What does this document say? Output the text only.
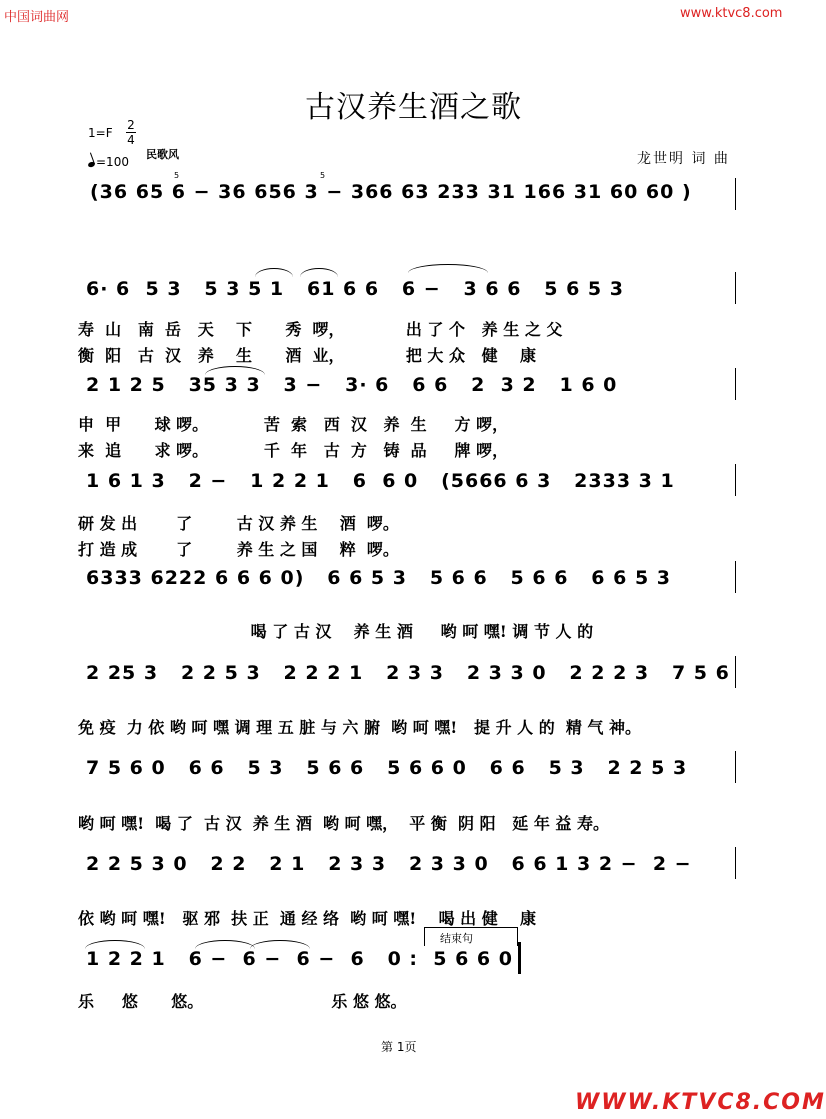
中国词曲网	www.ktvc8.com
古汉养生酒之歌
1=F
2
4
=100
民歌风	龙世明 词 曲
(36 65 6 − 36 656 3 − 366 63 233 31 166 31 60 60 )
5	5
6· 6  5 3   5 3 5 1   61 6 6   6 −   3 6 6   5 6 5 3
寿  山   南  岳   天    下      秀  啰，           出 了 个   养 生 之 父
衡  阳   古  汉   养    生      酒  业，           把 大 众   健    康
2 1 2 5   35 3 3   3 −   3· 6   6 6   2  3 2   1 6 0
申  甲      球 啰。          苦  索   西  汉   养  生     方 啰，
来  追      求 啰。          千  年   古  方   铸  品     牌 啰，
1 6 1 3   2 −   1 2 2 1   6  6 0   (5666 6 3   2333 3 1
研 发 出       了        古 汉 养 生    酒  啰。
打 造 成       了        养 生 之 国    粹  啰。
6333 6222 6 6 6 0)   6 6 5 3   5 6 6   5 6 6   6 6 5 3
喝 了 古 汉    养 生 酒     哟 呵 嘿! 调 节 人 的
2 25 3   2 2 5 3   2 2 2 1   2 3 3   2 3 3 0   2 2 2 3   7 5 6
免 疫  力 依 哟 呵 嘿 调 理 五 脏 与 六 腑  哟 呵 嘿!   提 升 人 的  精 气 神。
7 5 6 0   6 6   5 3   5 6 6   5 6 6 0   6 6   5 3   2 2 5 3
哟 呵 嘿!  喝 了  古 汉  养 生 酒  哟 呵 嘿，  平 衡  阴 阳   延 年 益 寿。
2 2 5 3 0   2 2   2 1   2 3 3   2 3 3 0   6 6 1 3 2 −  2 −
依 哟 呵 嘿!   驱 邪  扶 正  通 经 络  哟 呵 嘿!    喝 出 健    康
结束句
1 2 2 1   6 −  6 −  6 −  6   0 :  5 6 6 0
乐     悠      悠。                       乐 悠 悠。
第 1页
WWW.KTVC8.COM
